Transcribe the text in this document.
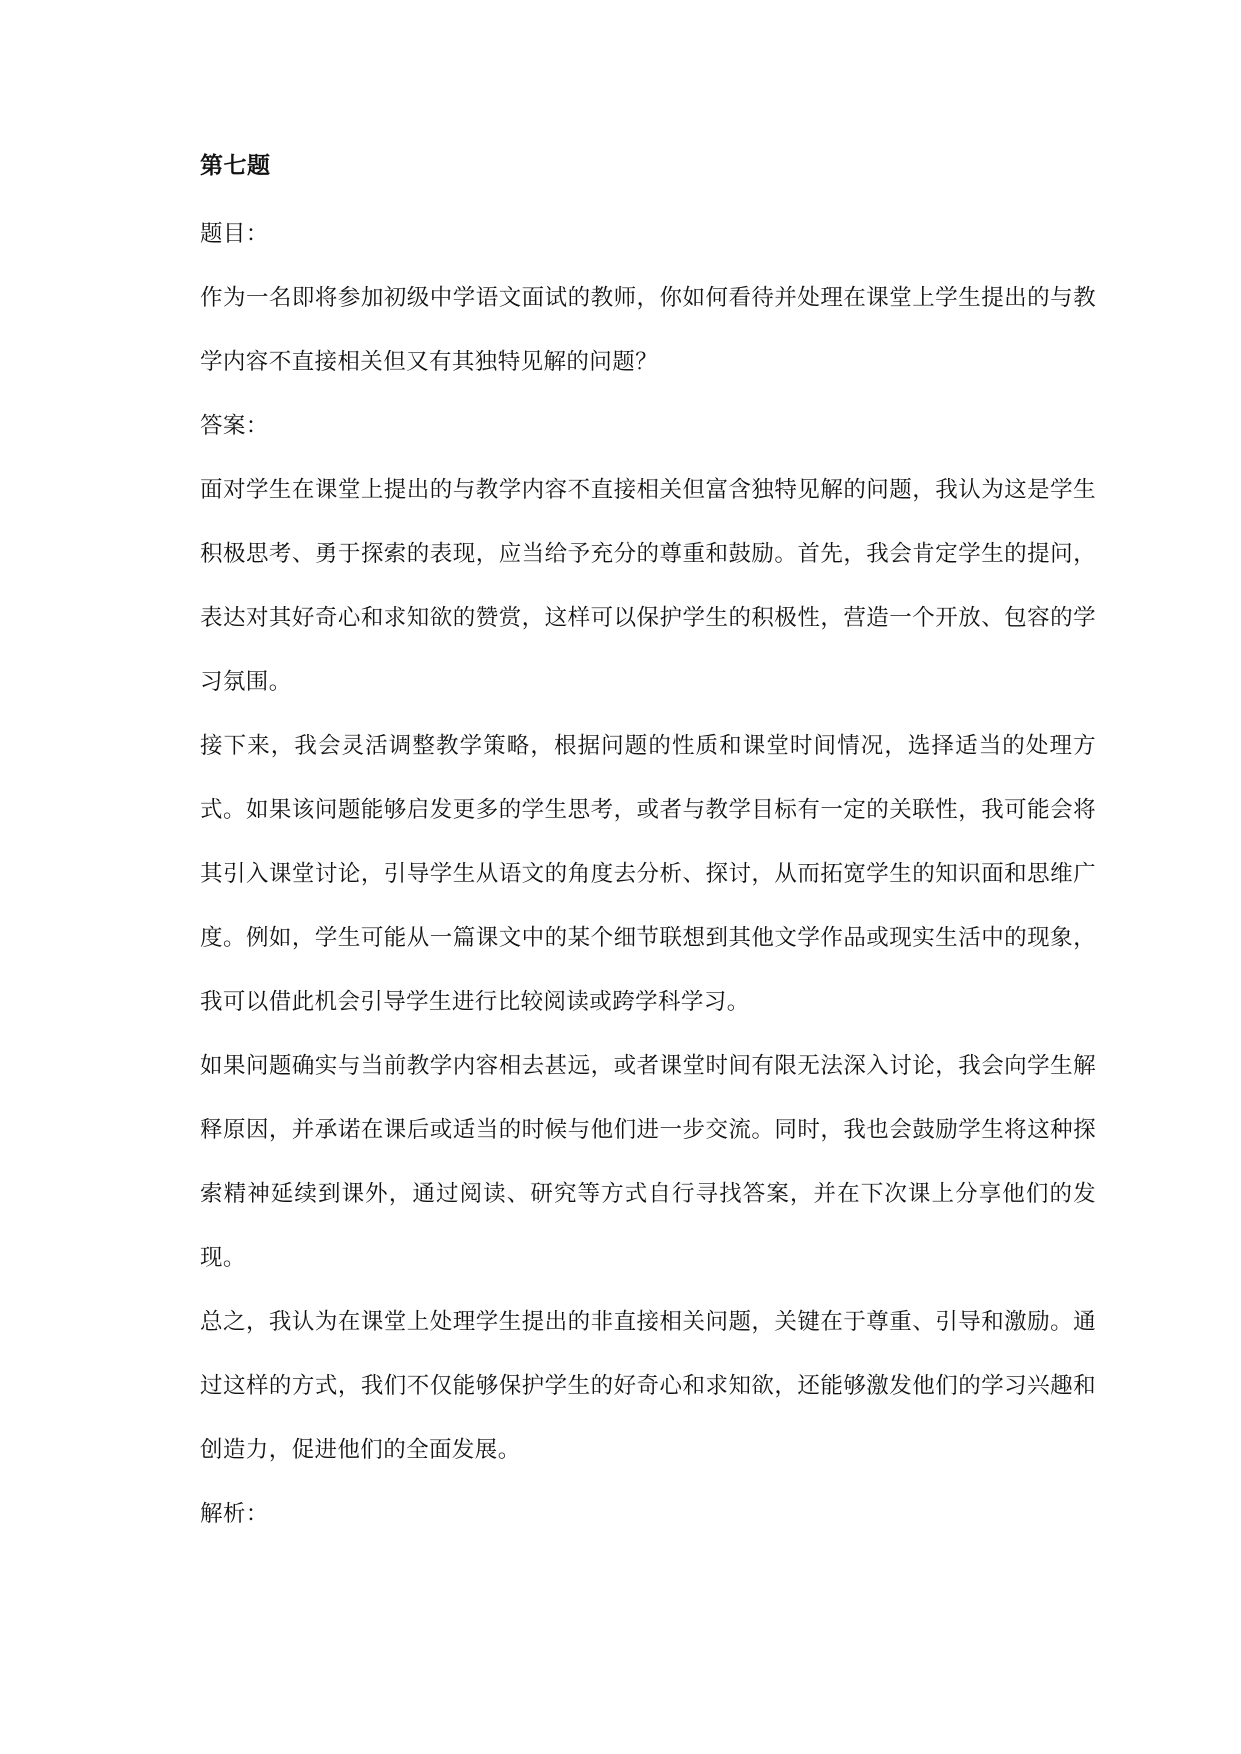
第七题

题目：

作为一名即将参加初级中学语文面试的教师，你如何看待并处理在课堂上学生提出的与教学内容不直接相关但又有其独特见解的问题？

答案：

面对学生在课堂上提出的与教学内容不直接相关但富含独特见解的问题，我认为这是学生积极思考、勇于探索的表现，应当给予充分的尊重和鼓励。首先，我会肯定学生的提问，表达对其好奇心和求知欲的赞赏，这样可以保护学生的积极性，营造一个开放、包容的学习氛围。

接下来，我会灵活调整教学策略，根据问题的性质和课堂时间情况，选择适当的处理方式。如果该问题能够启发更多的学生思考，或者与教学目标有一定的关联性，我可能会将其引入课堂讨论，引导学生从语文的角度去分析、探讨，从而拓宽学生的知识面和思维广度。例如，学生可能从一篇课文中的某个细节联想到其他文学作品或现实生活中的现象，我可以借此机会引导学生进行比较阅读或跨学科学习。

如果问题确实与当前教学内容相去甚远，或者课堂时间有限无法深入讨论，我会向学生解释原因，并承诺在课后或适当的时候与他们进一步交流。同时，我也会鼓励学生将这种探索精神延续到课外，通过阅读、研究等方式自行寻找答案，并在下次课上分享他们的发现。

总之，我认为在课堂上处理学生提出的非直接相关问题，关键在于尊重、引导和激励。通过这样的方式，我们不仅能够保护学生的好奇心和求知欲，还能够激发他们的学习兴趣和创造力，促进他们的全面发展。

解析：
